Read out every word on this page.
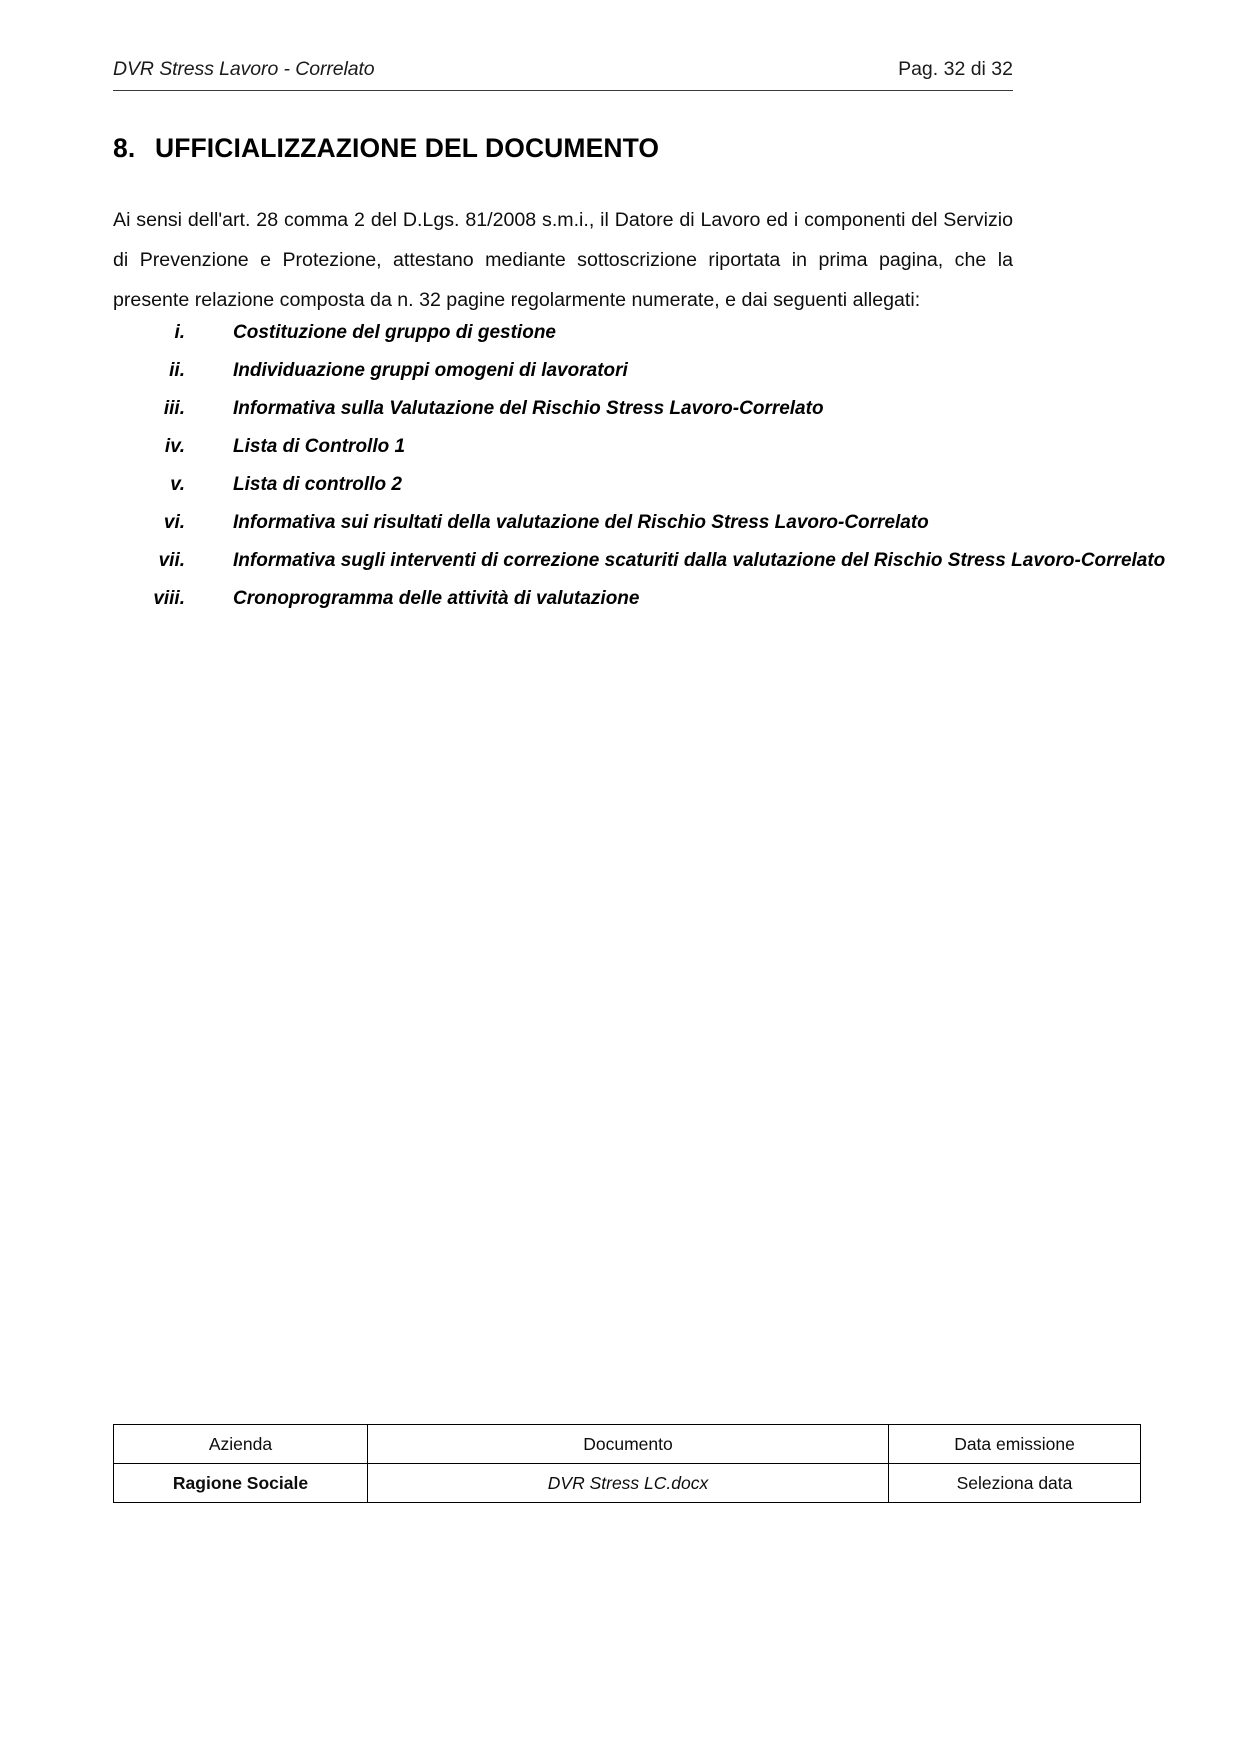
DVR Stress Lavoro - Correlato	Pag. 32 di 32
8. UFFICIALIZZAZIONE DEL DOCUMENTO
Ai sensi dell'art. 28 comma 2 del D.Lgs. 81/2008 s.m.i., il Datore di Lavoro ed i componenti del Servizio di Prevenzione e Protezione, attestano mediante sottoscrizione riportata in prima pagina, che la presente relazione composta da n. 32 pagine regolarmente numerate, e dai seguenti allegati:
i.	Costituzione del gruppo di gestione
ii.	Individuazione gruppi omogeni di lavoratori
iii.	Informativa sulla Valutazione del Rischio Stress Lavoro-Correlato
iv.	Lista di Controllo 1
v.	Lista di controllo 2
vi.	Informativa sui risultati della valutazione del Rischio Stress Lavoro-Correlato
vii.	Informativa sugli interventi di correzione scaturiti dalla valutazione del Rischio Stress Lavoro-Correlato
viii.	Cronoprogramma delle attività di valutazione
Azienda	Documento	Data emissione
Ragione Sociale	DVR Stress LC.docx	Seleziona data
